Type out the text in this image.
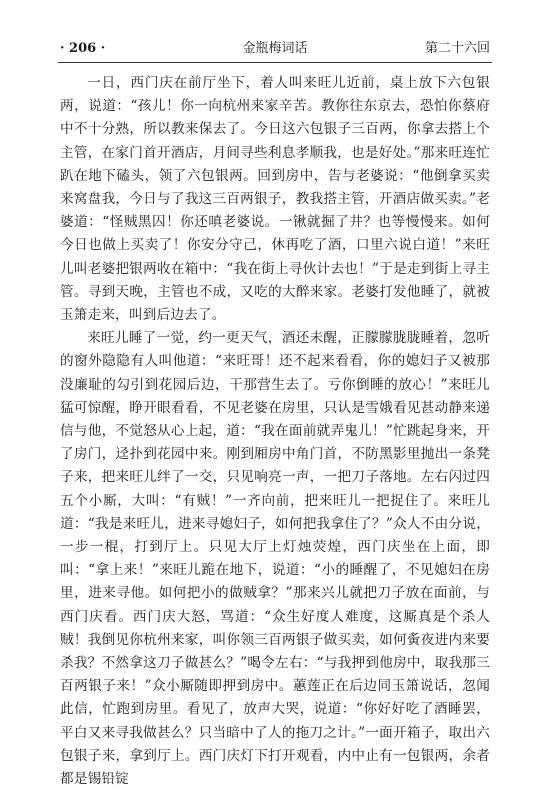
· 206 ·	金瓶梅词话	第二十六回

一日，西门庆在前厅坐下，着人叫来旺儿近前，桌上放下六包银两，说道：“孩儿！你一向杭州来家辛苦。教你往东京去，恐怕你蔡府中不十分熟，所以教来保去了。今日这六包银子三百两，你拿去搭上个主管，在家门首开酒店，月间寻些利息孝顺我，也是好处。”那来旺连忙趴在地下磕头，领了六包银两。回到房中，告与老婆说：“他倒拿买卖来窝盘我，今日与了我这三百两银子，教我搭主管，开酒店做买卖。”老婆道：“怪贼黑囚！你还嗔老婆说。一锹就掘了井？也等慢慢来。如何今日也做上买卖了！你安分守己，休再吃了酒，口里六说白道！”来旺儿叫老婆把银两收在箱中：“我在街上寻伙计去也！”于是走到街上寻主管。寻到天晚，主管也不成，又吃的大醉来家。老婆打发他睡了，就被玉箫走来，叫到后边去了。

来旺儿睡了一觉，约一更天气，酒还未醒，正朦朦胧胧睡着，忽听的窗外隐隐有人叫他道：“来旺哥！还不起来看看，你的媳妇子又被那没廉耻的勾引到花园后边，干那营生去了。亏你倒睡的放心！”来旺儿猛可惊醒，睁开眼看看，不见老婆在房里，只认是雪娥看见甚动静来递信与他，不觉怒从心上起，道：“我在面前就弄鬼儿！”忙跳起身来，开了房门，迳扑到花园中来。刚到厢房中角门首，不防黑影里抛出一条凳子来，把来旺儿绊了一交，只见响亮一声，一把刀子落地。左右闪过四五个小厮，大叫：“有贼！”一齐向前，把来旺儿一把捉住了。来旺儿道：“我是来旺儿，进来寻媳妇子，如何把我拿住了？”众人不由分说，一步一棍，打到厅上。只见大厅上灯烛荧煌，西门庆坐在上面，即叫：“拿上来！”来旺儿跪在地下，说道：“小的睡醒了，不见媳妇在房里，进来寻他。如何把小的做贼拿？”那来兴儿就把刀子放在面前，与西门庆看。西门庆大怒，骂道：“众生好度人难度，这厮真是个杀人贼！我倒见你杭州来家，叫你领三百两银子做买卖，如何夤夜进内来要杀我？不然拿这刀子做甚么？”喝令左右：“与我押到他房中，取我那三百两银子来！”众小厮随即押到房中。蕙莲正在后边同玉箫说话，忽闻此信，忙跑到房里。看见了，放声大哭，说道：“你好好吃了酒睡罢，平白又来寻我做甚么？只当暗中了人的拖刀之计。”一面开箱子，取出六包银子来，拿到厅上。西门庆灯下打开观看，内中止有一包银两，余者都是锡铅锭
